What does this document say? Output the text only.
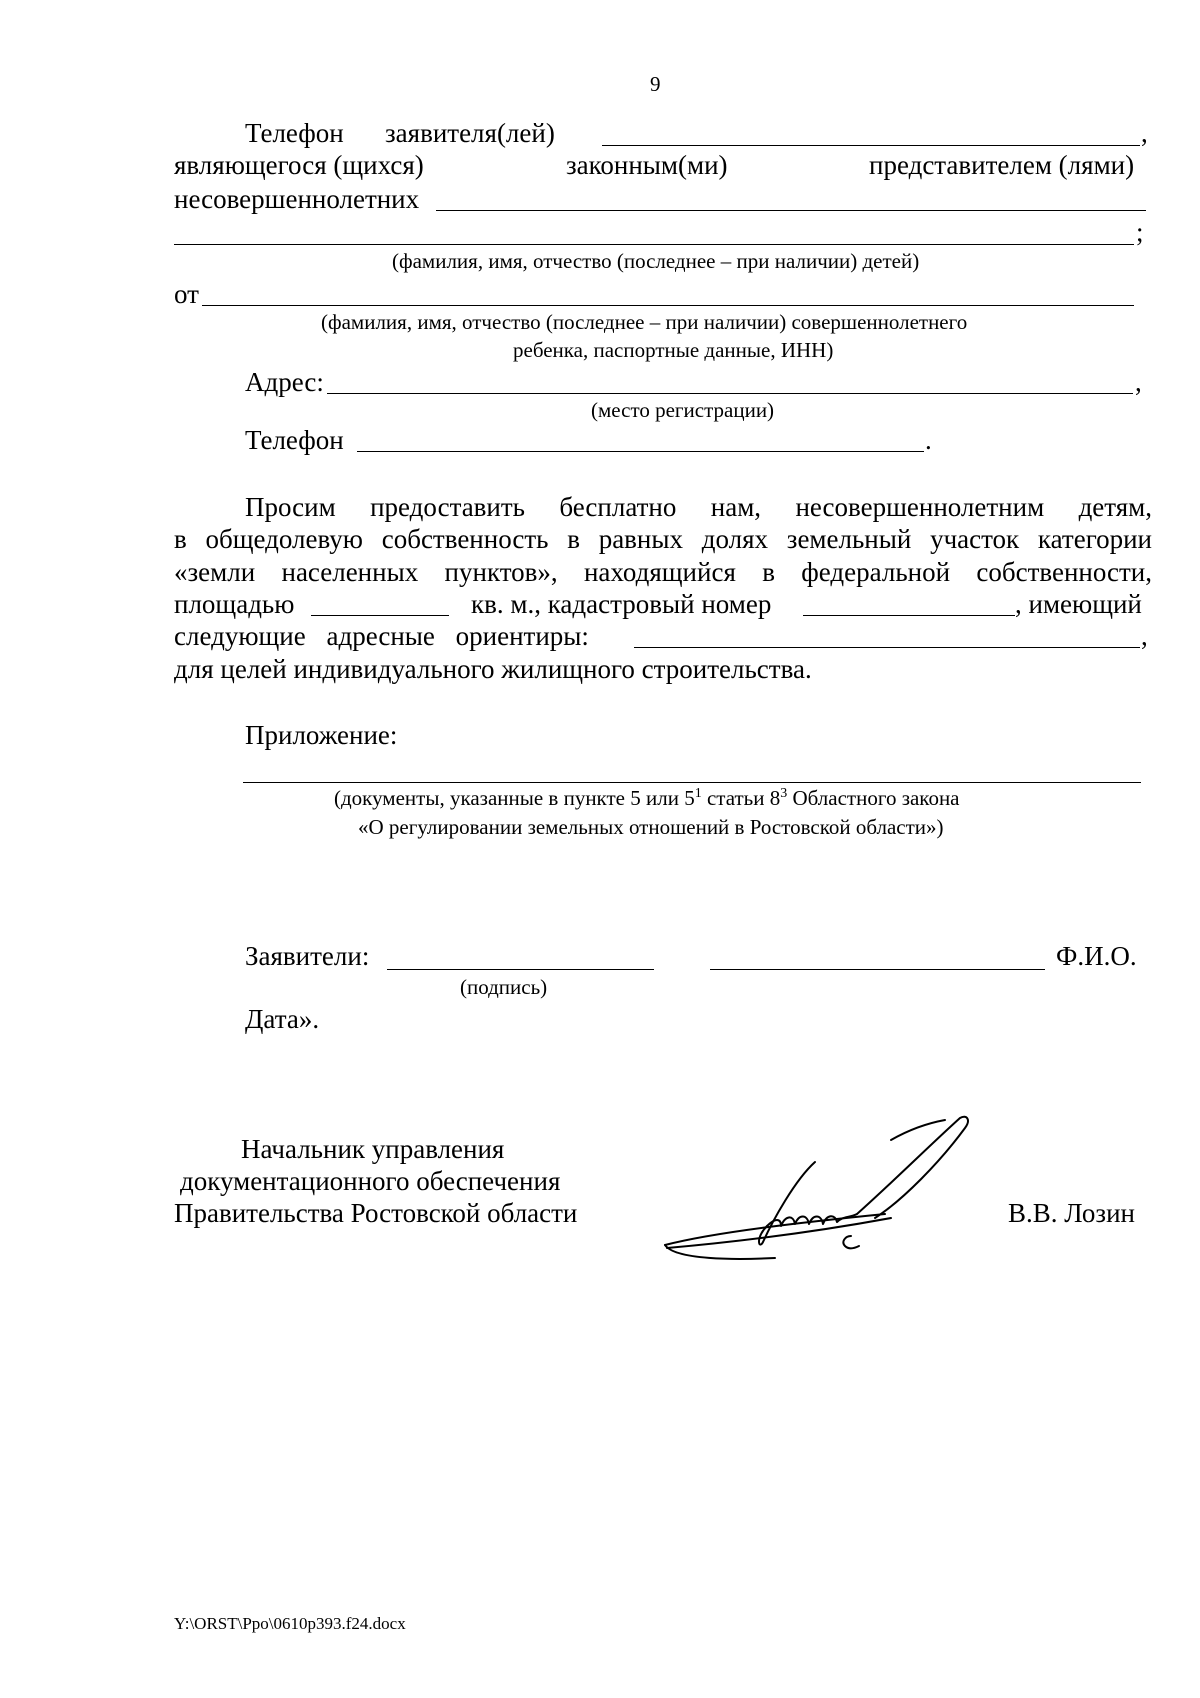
9
Телефон заявителя(лей)	,
являющегося (щихся)	законным(ми)	представителем (лями)
несовершеннолетних
;
(фамилия, имя, отчество (последнее – при наличии) детей)
от
(фамилия, имя, отчество (последнее – при наличии) совершеннолетнего
ребенка, паспортные данные, ИНН)
Адрес:	,
(место регистрации)
Телефон	.
Просим предоставить бесплатно нам, несовершеннолетним детям,
в общедолевую собственность в равных долях земельный участок категории
«земли населенных пунктов», находящийся в федеральной собственности,
площадью	кв. м., кадастровый номер	, имеющий
следующие адресные ориентиры:	,
для целей индивидуального жилищного строительства.
Приложение:
(документы, указанные в пункте 5 или $5^1$ статьи $8^3$ Областного закона
«О регулировании земельных отношений в Ростовской области»)
Заявители:	Ф.И.О.
(подпись)
Дата».
Начальник управления
документационного обеспечения
Правительства Ростовской области	В.В. Лозин
Y:\ORST\Ppo\0610p393.f24.docx
